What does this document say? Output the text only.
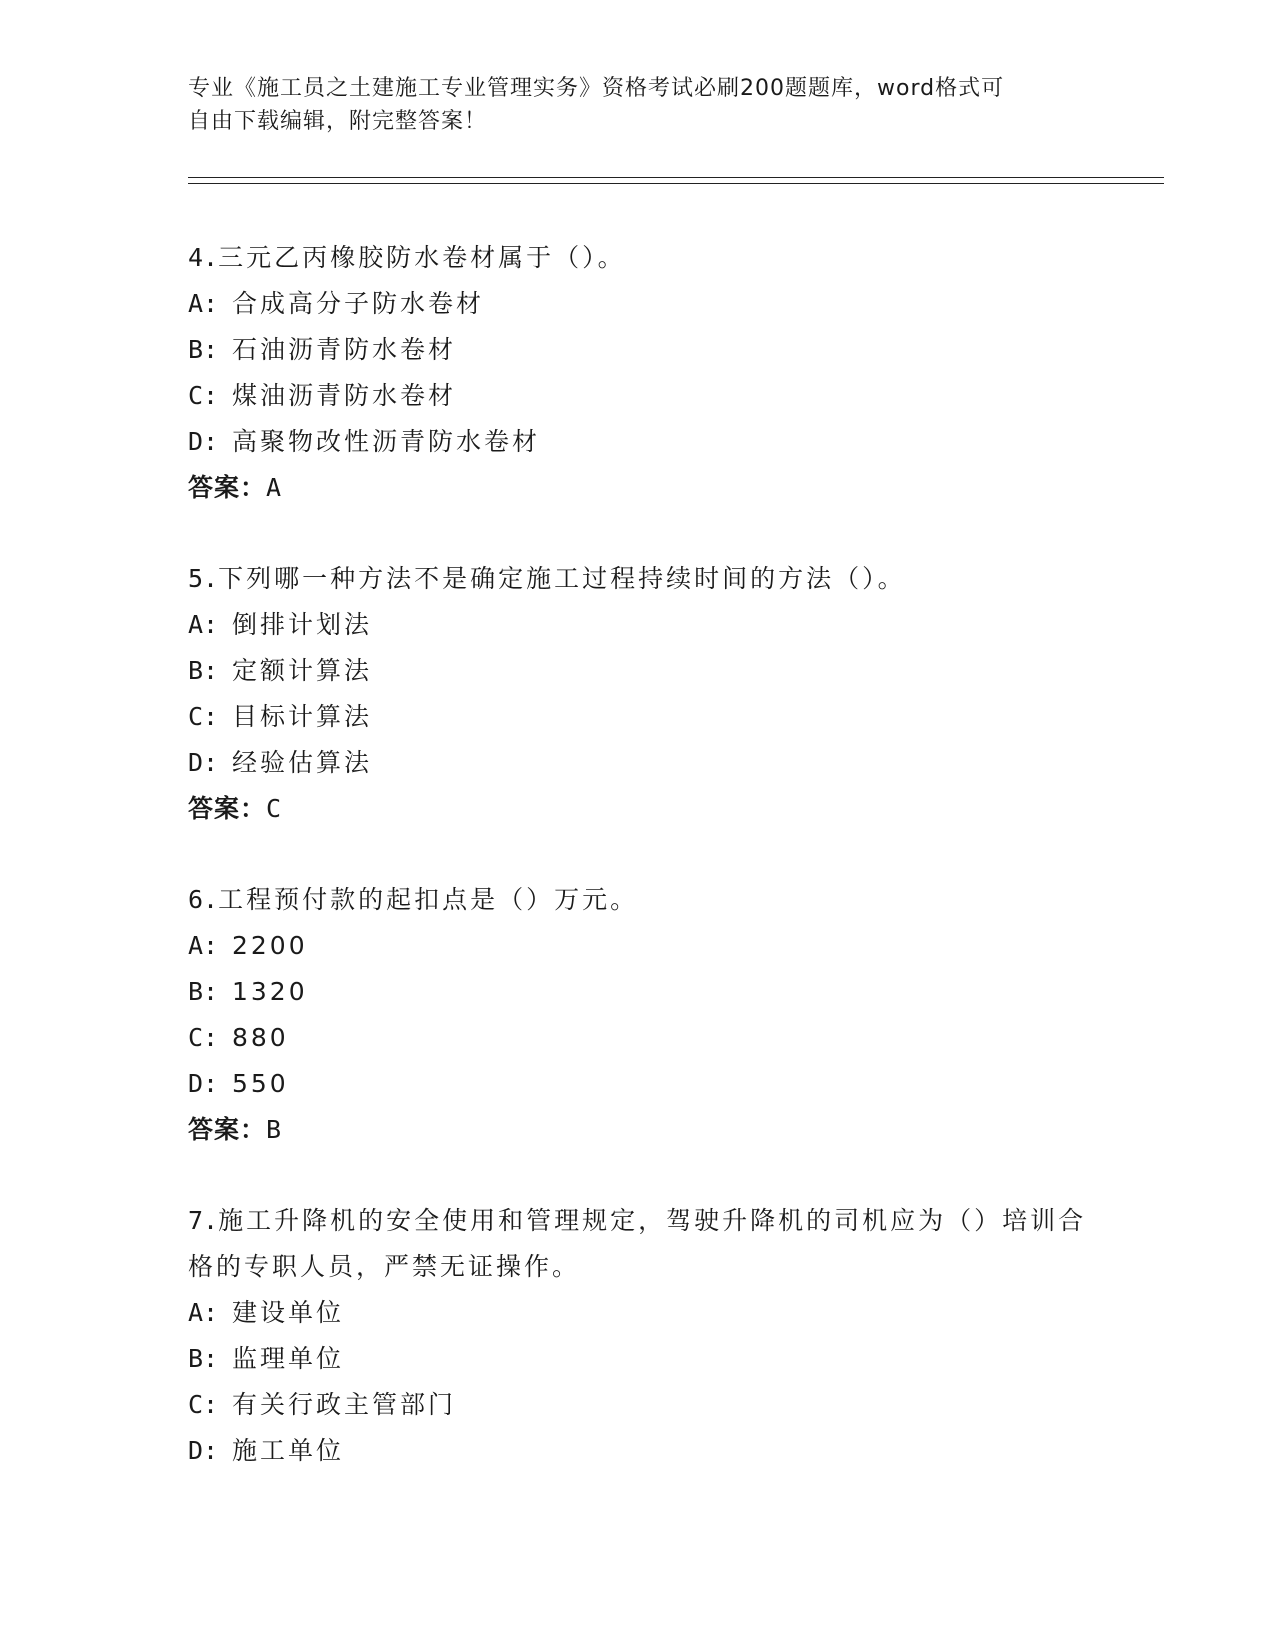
专业《施工员之土建施工专业管理实务》资格考试必刷200题题库，word格式可
自由下载编辑，附完整答案！
4.三元乙丙橡胶防水卷材属于（）。
A: 合成高分子防水卷材
B: 石油沥青防水卷材
C: 煤油沥青防水卷材
D: 高聚物改性沥青防水卷材
答案：A
5.下列哪一种方法不是确定施工过程持续时间的方法（）。
A: 倒排计划法
B: 定额计算法
C: 目标计算法
D: 经验估算法
答案：C
6.工程预付款的起扣点是（）万元。
A: 2200
B: 1320
C: 880
D: 550
答案：B
7.施工升降机的安全使用和管理规定，驾驶升降机的司机应为（）培训合格的专职人员，严禁无证操作。
A: 建设单位
B: 监理单位
C: 有关行政主管部门
D: 施工单位
